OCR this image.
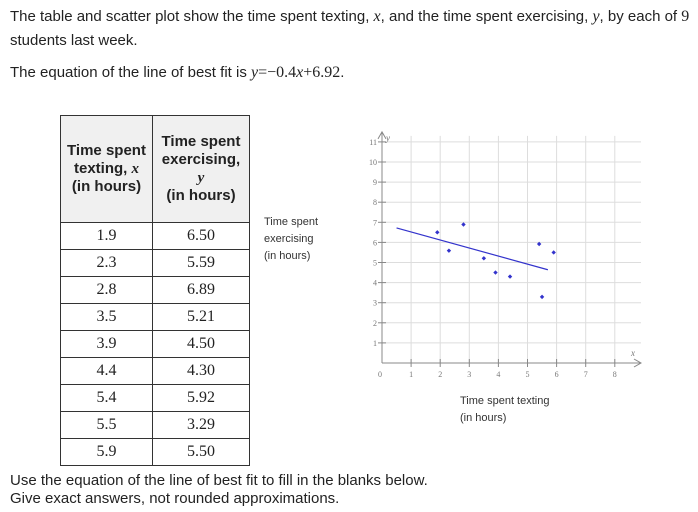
The table and scatter plot show the time spent texting, x, and the time spent exercising, y, by each of 9 students last week.
The equation of the line of best fit is y=−0.4x+6.92.
Time spent texting, x
(in hours)	Time spent exercising,
y
(in hours)
1.9	6.50
2.3	5.59
2.8	6.89
3.5	5.21
3.9	4.50
4.4	4.30
5.4	5.92
5.5	3.29
5.9	5.50
1	2	3	4	5	6	7	8
1
2
3
4
5
6
7
8
9
10
11
0
x
y
Time spent texting
(in hours)
Time spent
exercising
(in hours)
Use the equation of the line of best fit to fill in the blanks below.
Give exact answers, not rounded approximations.
